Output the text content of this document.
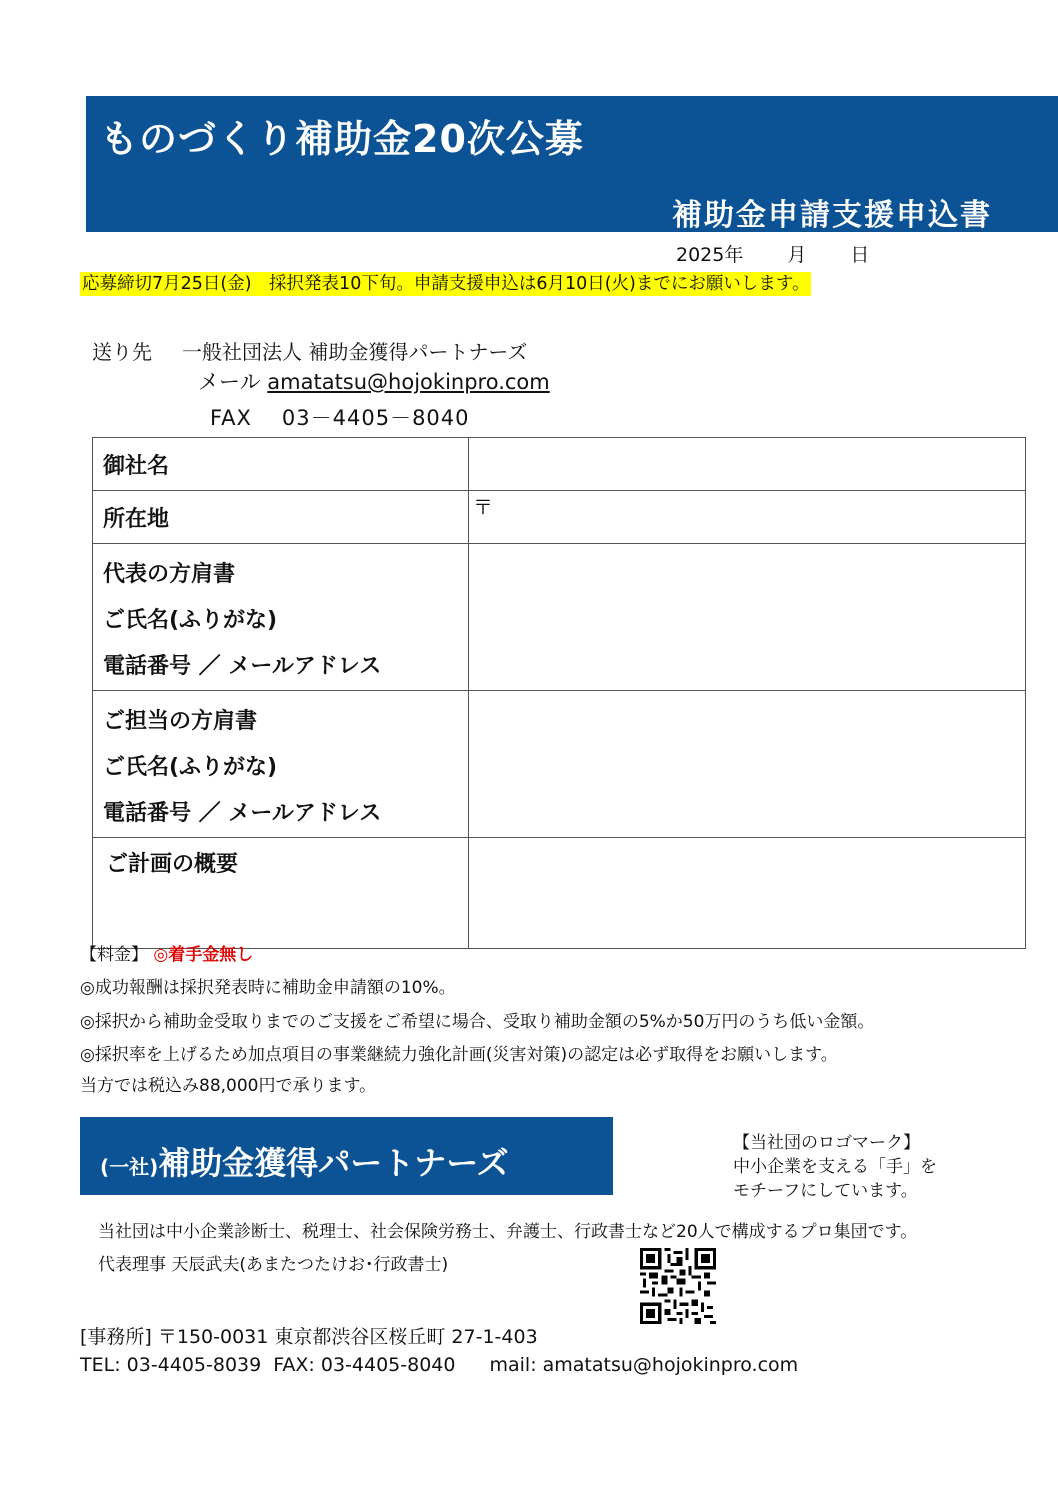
ものづくり補助金20次公募
補助金申請支援申込書
2025年 月 日
応募締切7月25日(金)　採択発表10下旬。申請支援申込は6月10日(火)までにお願いします。
送り先 一般社団法人 補助金獲得パートナーズ
メール amatatsu@hojokinpro.com
FAX 03－4405－8040
御社名	

所在地	〒

代表の方肩書
ご氏名(ふりがな)
電話番号 ／ メールアドレス	

ご担当の方肩書
ご氏名(ふりがな)
電話番号 ／ メールアドレス	

ご計画の概要	

【料金】 ◎着手金無し
◎成功報酬は採択発表時に補助金申請額の10%。
◎採択から補助金受取りまでのご支援をご希望に場合、受取り補助金額の5%か50万円のうち低い金額。
◎採択率を上げるため加点項目の事業継続力強化計画(災害対策)の認定は必ず取得をお願いします。
当方では税込み88,000円で承ります。
(一社)補助金獲得パートナーズ
【当社団のロゴマーク】
中小企業を支える「手」を
モチーフにしています。
当社団は中小企業診断士、税理士、社会保険労務士、弁護士、行政書士など20人で構成するプロ集団です。
代表理事 天辰武夫(あまたつたけお･行政書士)
[事務所] 〒150-0031 東京都渋谷区桜丘町 27-1-403
TEL: 03-4405-8039 FAX: 03-4405-8040 mail: amatatsu@hojokinpro.com
